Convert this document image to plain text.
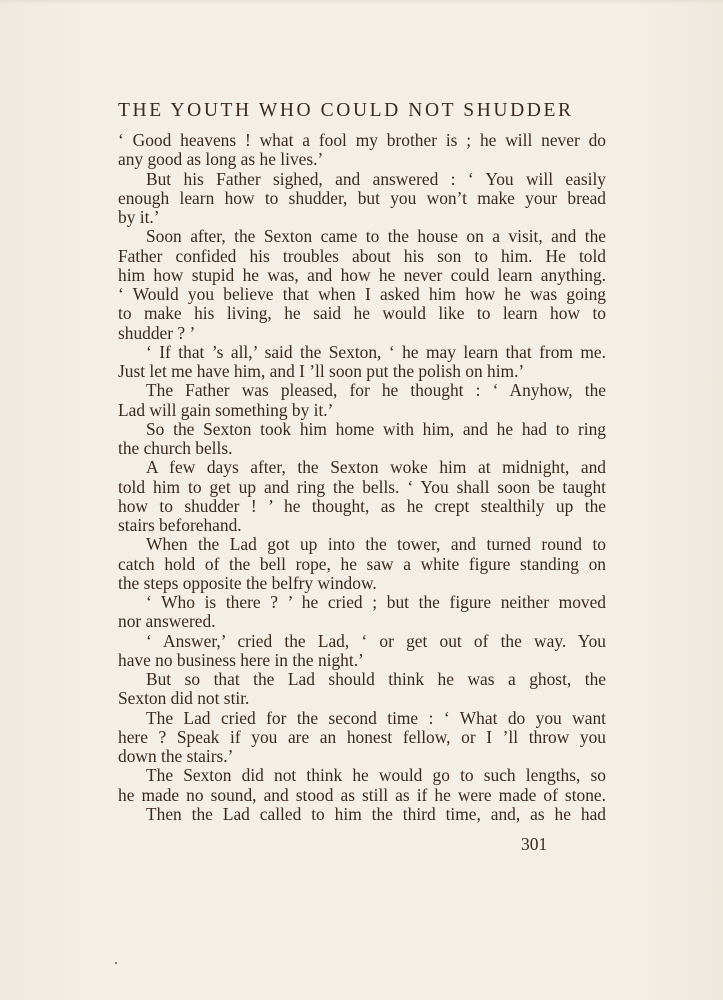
THE YOUTH WHO COULD NOT SHUDDER
‘ Good heavens ! what a fool my brother is ; he will never do
any good as long as he lives.’
But his Father sighed, and answered : ‘ You will easily
enough learn how to shudder, but you won’t make your bread
by it.’
Soon after, the Sexton came to the house on a visit, and the
Father confided his troubles about his son to him. He told
him how stupid he was, and how he never could learn anything.
‘ Would you believe that when I asked him how he was going
to make his living, he said he would like to learn how to
shudder ? ’
‘ If that ’s all,’ said the Sexton, ‘ he may learn that from me.
Just let me have him, and I ’ll soon put the polish on him.’
The Father was pleased, for he thought : ‘ Anyhow, the
Lad will gain something by it.’
So the Sexton took him home with him, and he had to ring
the church bells.
A few days after, the Sexton woke him at midnight, and
told him to get up and ring the bells. ‘ You shall soon be taught
how to shudder ! ’ he thought, as he crept stealthily up the
stairs beforehand.
When the Lad got up into the tower, and turned round to
catch hold of the bell rope, he saw a white figure standing on
the steps opposite the belfry window.
‘ Who is there ? ’ he cried ; but the figure neither moved
nor answered.
‘ Answer,’ cried the Lad, ‘ or get out of the way. You
have no business here in the night.’
But so that the Lad should think he was a ghost, the
Sexton did not stir.
The Lad cried for the second time : ‘ What do you want
here ? Speak if you are an honest fellow, or I ’ll throw you
down the stairs.’
The Sexton did not think he would go to such lengths, so
he made no sound, and stood as still as if he were made of stone.
Then the Lad called to him the third time, and, as he had
301
